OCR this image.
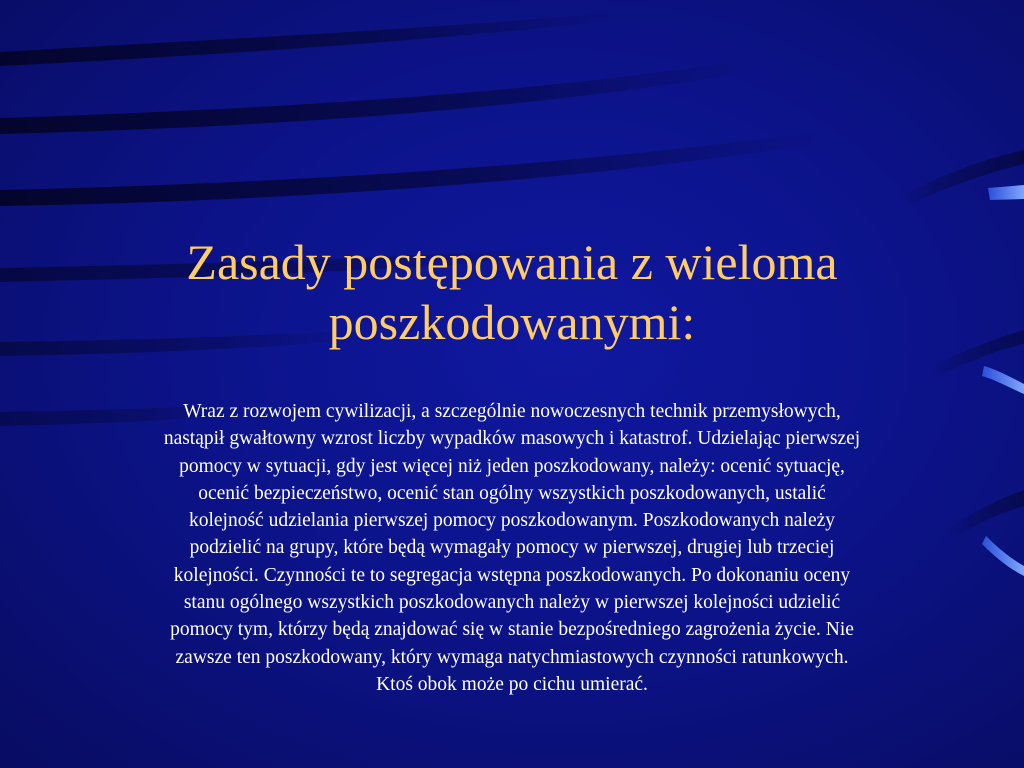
Zasady postępowania z wieloma poszkodowanymi:

Wraz z rozwojem cywilizacji, a szczególnie nowoczesnych technik przemysłowych, nastąpił gwałtowny wzrost liczby wypadków masowych i katastrof. Udzielając pierwszej pomocy w sytuacji, gdy jest więcej niż jeden poszkodowany, należy: ocenić sytuację, ocenić bezpieczeństwo, ocenić stan ogólny wszystkich poszkodowanych, ustalić kolejność udzielania pierwszej pomocy poszkodowanym. Poszkodowanych należy podzielić na grupy, które będą wymagały pomocy w pierwszej, drugiej lub trzeciej kolejności. Czynności te to segregacja wstępna poszkodowanych. Po dokonaniu oceny stanu ogólnego wszystkich poszkodowanych należy w pierwszej kolejności udzielić pomocy tym, którzy będą znajdować się w stanie bezpośredniego zagrożenia życie. Nie zawsze ten poszkodowany, który wymaga natychmiastowych czynności ratunkowych. Ktoś obok może po cichu umierać.
